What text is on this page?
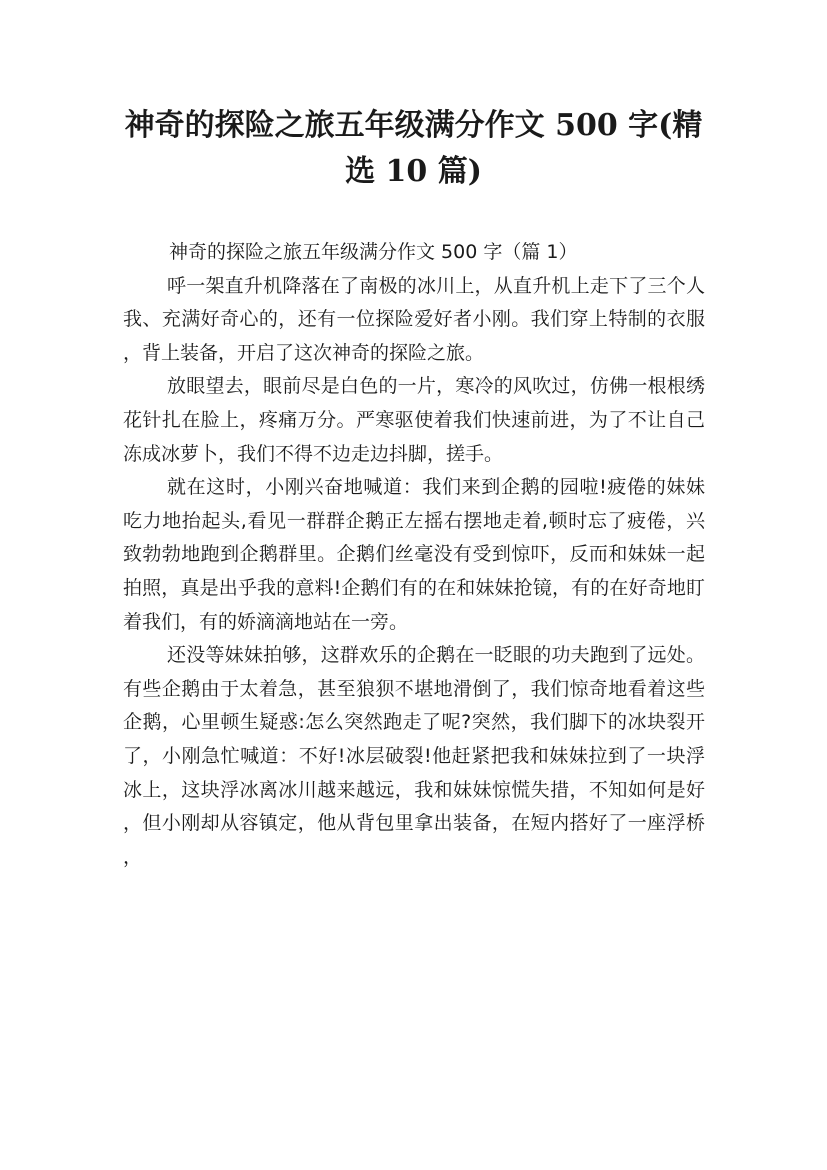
神奇的探险之旅五年级满分作文 500 字(精选 10 篇)
神奇的探险之旅五年级满分作文 500 字（篇 1）

呼一架直升机降落在了南极的冰川上，从直升机上走下了三个人我、充满好奇心的，还有一位探险爱好者小刚。我们穿上特制的衣服，背上装备，开启了这次神奇的探险之旅。

放眼望去，眼前尽是白色的一片，寒冷的风吹过，仿佛一根根绣花针扎在脸上，疼痛万分。严寒驱使着我们快速前进，为了不让自己冻成冰萝卜，我们不得不边走边抖脚，搓手。

就在这时，小刚兴奋地喊道：我们来到企鹅的园啦!疲倦的妹妹吃力地抬起头,看见一群群企鹅正左摇右摆地走着,顿时忘了疲倦，兴致勃勃地跑到企鹅群里。企鹅们丝毫没有受到惊吓，反而和妹妹一起拍照，真是出乎我的意料!企鹅们有的在和妹妹抢镜，有的在好奇地盯着我们，有的娇滴滴地站在一旁。

还没等妹妹拍够，这群欢乐的企鹅在一眨眼的功夫跑到了远处。有些企鹅由于太着急，甚至狼狈不堪地滑倒了，我们惊奇地看着这些企鹅，心里顿生疑惑:怎么突然跑走了呢?突然，我们脚下的冰块裂开了，小刚急忙喊道：不好!冰层破裂!他赶紧把我和妹妹拉到了一块浮冰上，这块浮冰离冰川越来越远，我和妹妹惊慌失措，不知如何是好，但小刚却从容镇定，他从背包里拿出装备，在短内搭好了一座浮桥，
